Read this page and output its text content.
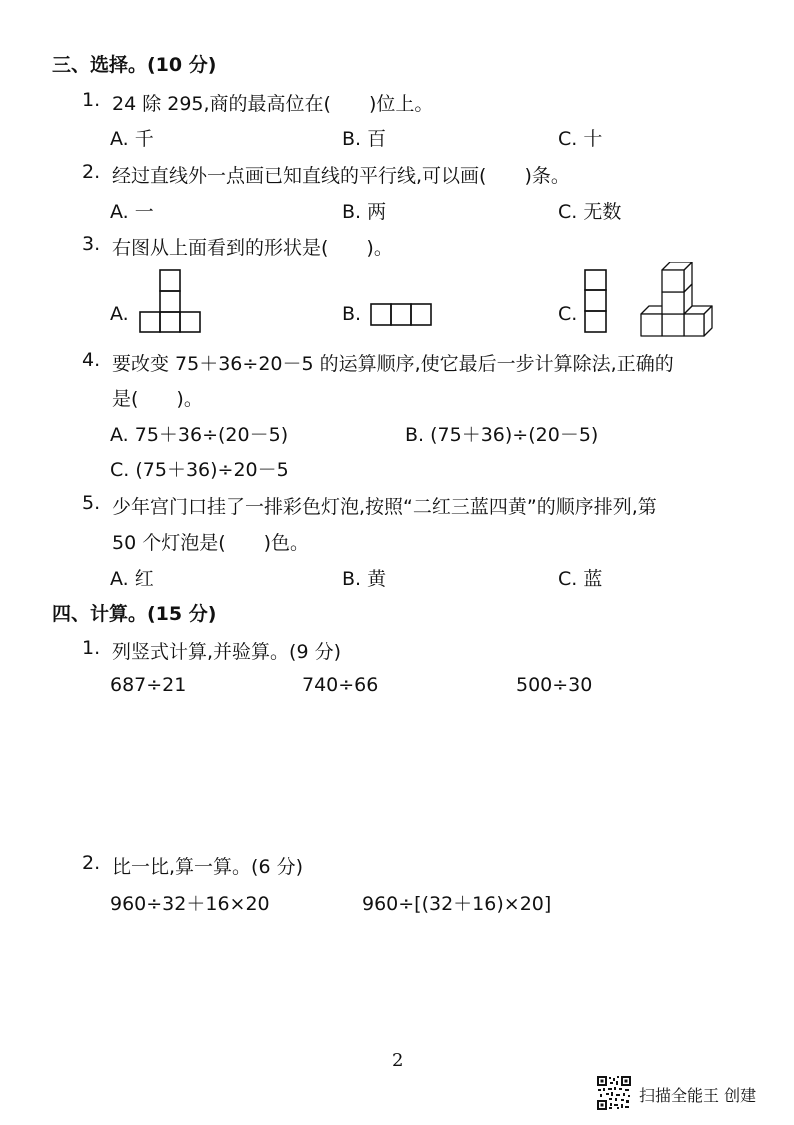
三、选择。(10 分)
1. 24 除 295,商的最高位在(　　)位上。
A. 千	B. 百	C. 十
2. 经过直线外一点画已知直线的平行线,可以画(　　)条。
A. 一	B. 两	C. 无数
3. 右图从上面看到的形状是(　　)。
A.	B.	C.
4. 要改变 75＋36÷20－5 的运算顺序,使它最后一步计算除法,正确的
是(　　)。
A. 75＋36÷(20－5)	B. (75＋36)÷(20－5)
C. (75＋36)÷20－5
5. 少年宫门口挂了一排彩色灯泡,按照“二红三蓝四黄”的顺序排列,第
50 个灯泡是(　　)色。
A. 红	B. 黄	C. 蓝
四、计算。(15 分)
1. 列竖式计算,并验算。(9 分)
687÷21	740÷66	500÷30
2. 比一比,算一算。(6 分)
960÷32＋16×20	960÷[(32＋16)×20]
2
扫描全能王 创建
